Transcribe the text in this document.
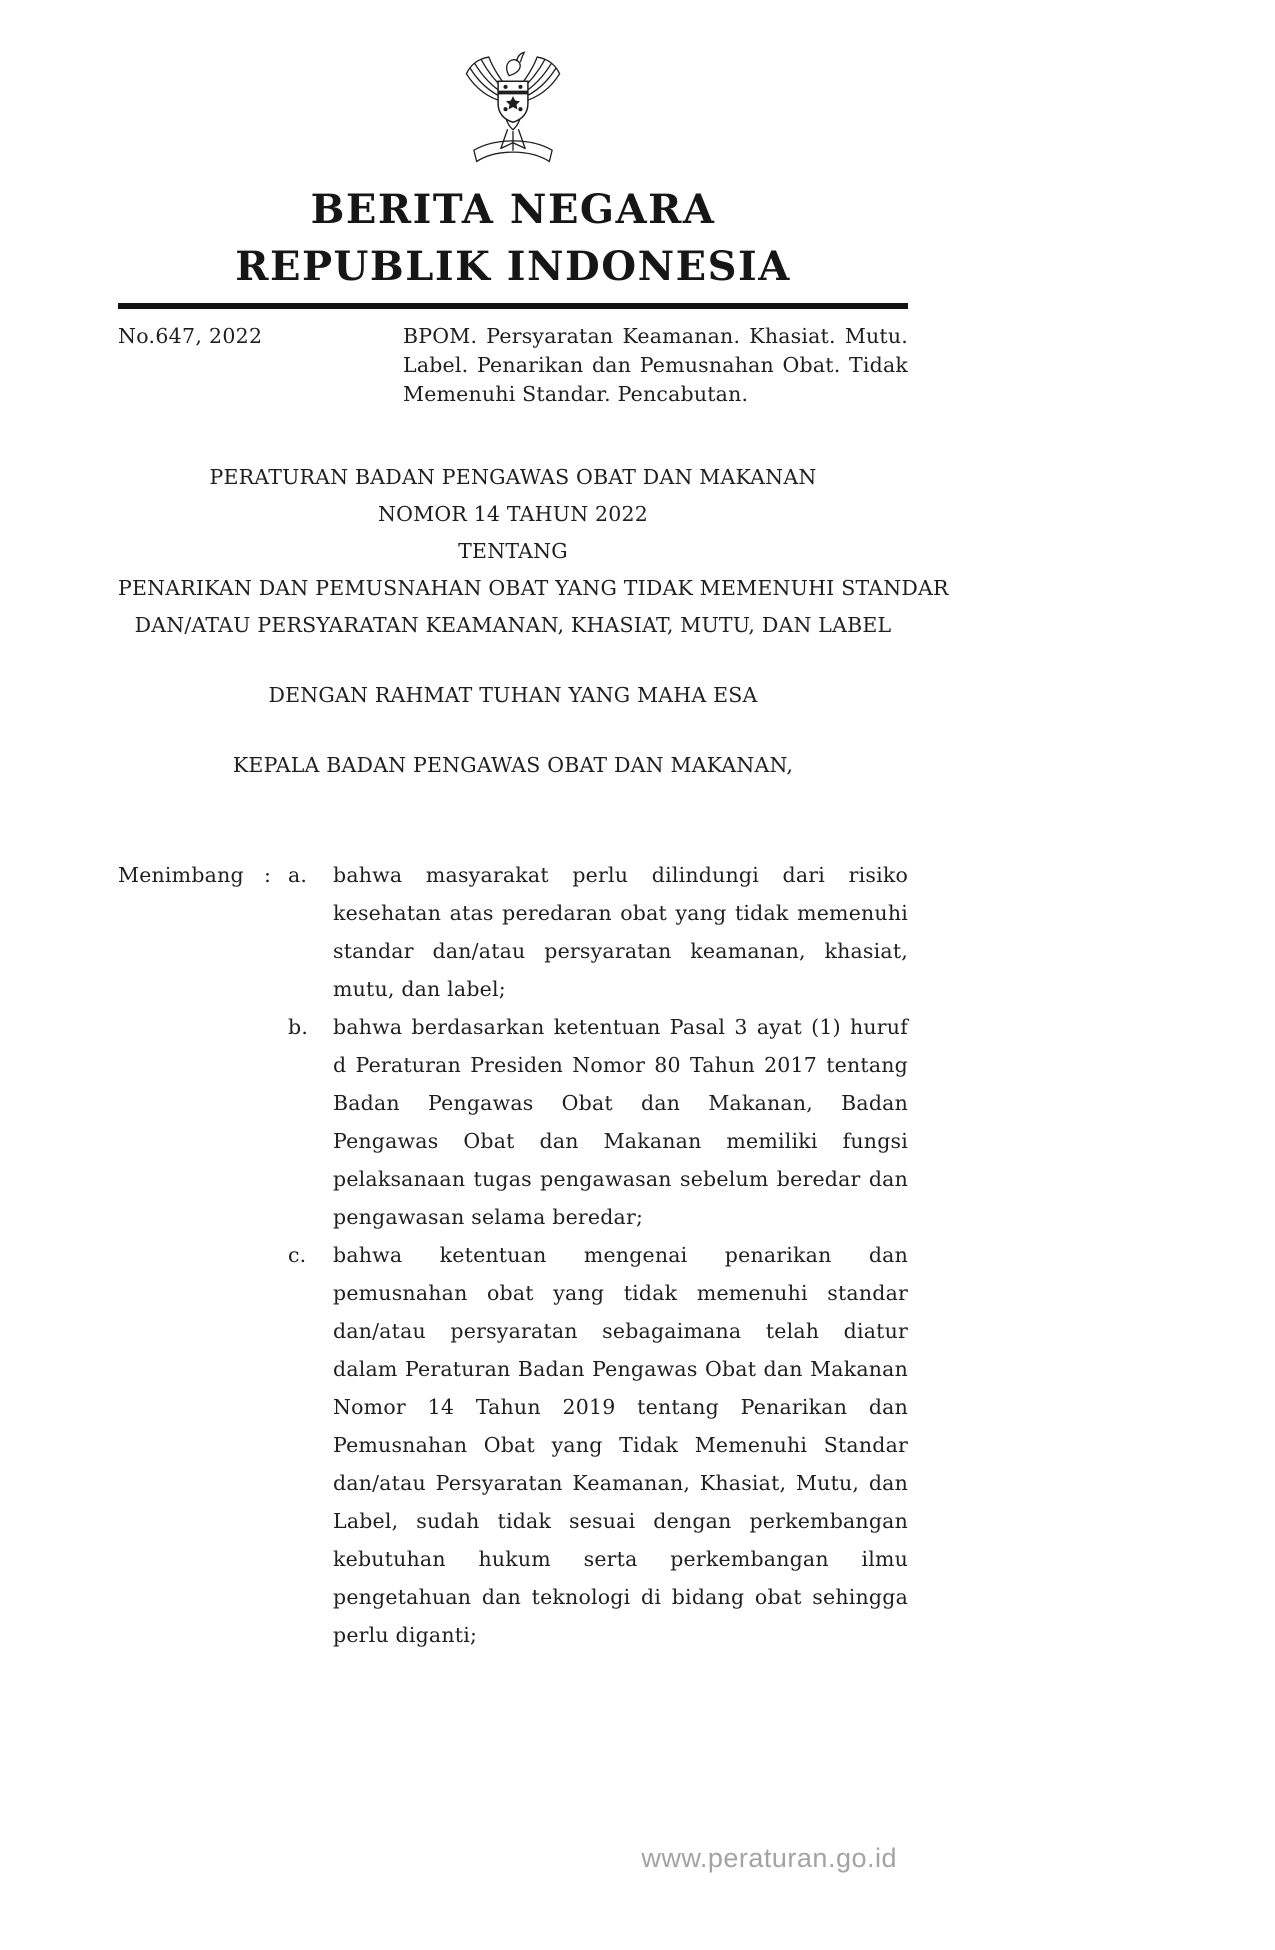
BERITA NEGARA
REPUBLIK INDONESIA
No.647, 2022	BPOM. Persyaratan Keamanan. Khasiat. Mutu. Label. Penarikan dan Pemusnahan Obat. Tidak Memenuhi Standar. Pencabutan.
PERATURAN BADAN PENGAWAS OBAT DAN MAKANAN
NOMOR 14 TAHUN 2022
TENTANG
PENARIKAN DAN PEMUSNAHAN OBAT YANG TIDAK MEMENUHI STANDAR
DAN/ATAU PERSYARATAN KEAMANAN, KHASIAT, MUTU, DAN LABEL
DENGAN RAHMAT TUHAN YANG MAHA ESA
KEPALA BADAN PENGAWAS OBAT DAN MAKANAN,
Menimbang : a.	bahwa masyarakat perlu dilindungi dari risiko kesehatan atas peredaran obat yang tidak memenuhi standar dan/atau persyaratan keamanan, khasiat, mutu, dan label;
b.	bahwa berdasarkan ketentuan Pasal 3 ayat (1) huruf d Peraturan Presiden Nomor 80 Tahun 2017 tentang Badan Pengawas Obat dan Makanan, Badan Pengawas Obat dan Makanan memiliki fungsi pelaksanaan tugas pengawasan sebelum beredar dan pengawasan selama beredar;
c.	bahwa ketentuan mengenai penarikan dan pemusnahan obat yang tidak memenuhi standar dan/atau persyaratan sebagaimana telah diatur dalam Peraturan Badan Pengawas Obat dan Makanan Nomor 14 Tahun 2019 tentang Penarikan dan Pemusnahan Obat yang Tidak Memenuhi Standar dan/atau Persyaratan Keamanan, Khasiat, Mutu, dan Label, sudah tidak sesuai dengan perkembangan kebutuhan hukum serta perkembangan ilmu pengetahuan dan teknologi di bidang obat sehingga perlu diganti;
www.peraturan.go.id
